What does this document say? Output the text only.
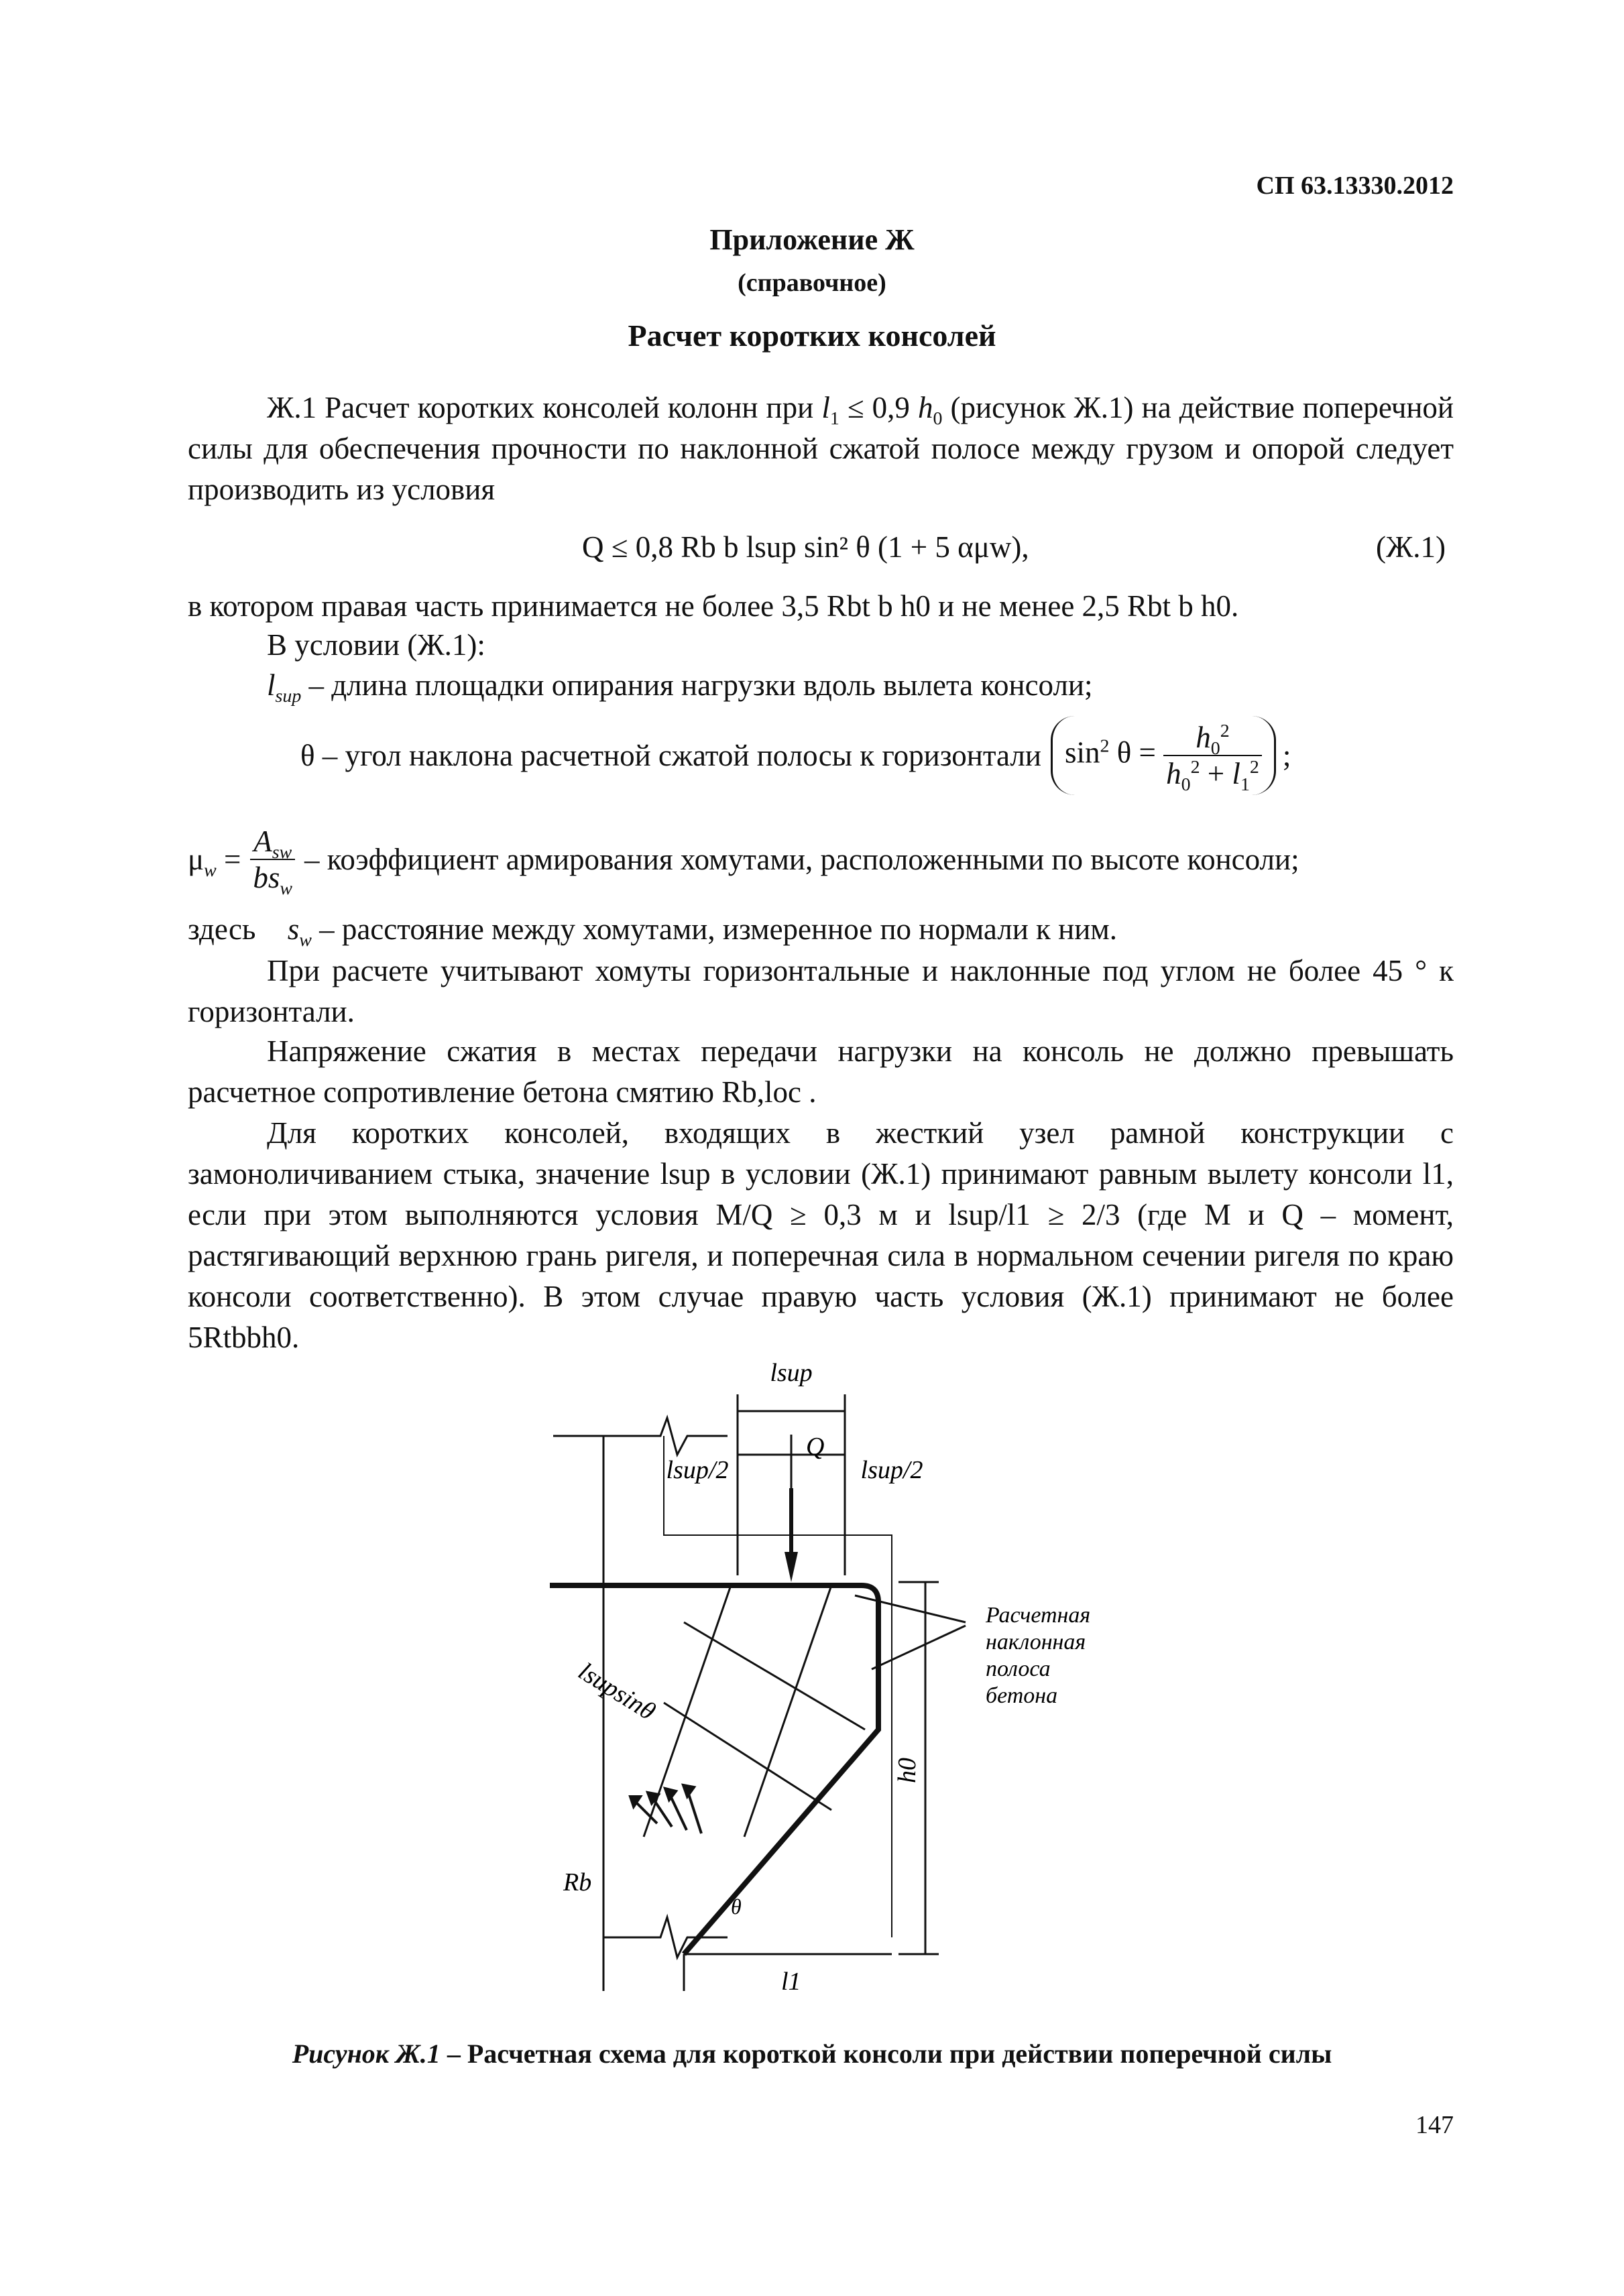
СП 63.13330.2012
Приложение Ж
(справочное)
Расчет коротких консолей
Ж.1 Расчет коротких консолей колонн при $l_1 \le 0,9$ $h_0$ (рисунок Ж.1) на действие поперечной силы для обеспечения прочности по наклонной сжатой полосе между грузом и опорой следует производить из условия
Q ≤ 0,8 Rb b lsup sin² θ (1 + 5 αμw),	(Ж.1)
в котором правая часть принимается не более 3,5 Rbt b h0 и не менее 2,5 Rbt b h0.
В условии (Ж.1):
$l_{sup}$ – длина площадки опирания нагрузки вдоль вылета консоли;
θ – угол наклона расчетной сжатой полосы к горизонтали $\sin^2 \theta = \frac{h_0^2}{h_0^2 + l_1^2}$ ;
$\mu_w = \frac{A_{sw}}{bs_w}$ – коэффициент армирования хомутами, расположенными по высоте консоли;
здесь $s_w$ – расстояние между хомутами, измеренное по нормали к ним.
При расчете учитывают хомуты горизонтальные и наклонные под углом не более 45 ° к горизонтали.
Напряжение сжатия в местах передачи нагрузки на консоль не должно превышать расчетное сопротивление бетона смятию Rb,loc .
Для коротких консолей, входящих в жесткий узел рамной конструкции с замоноличиванием стыка, значение lsup в условии (Ж.1) принимают равным вылету консоли l1, если при этом выполняются условия M/Q ≥ 0,3 м и lsup/l1 ≥ 2/3 (где M и Q – момент, растягивающий верхнюю грань ригеля, и поперечная сила в нормальном сечении ригеля по краю консоли соответственно). В этом случае правую часть условия (Ж.1) принимают не более 5Rtbbh0.
lsup
lsup/2	lsup/2
Q
lsupsinθ
Rb
θ
l1
h0
Расчетная
наклонная
полоса
бетона
Рисунок Ж.1 – Расчетная схема для короткой консоли при действии поперечной силы
147
